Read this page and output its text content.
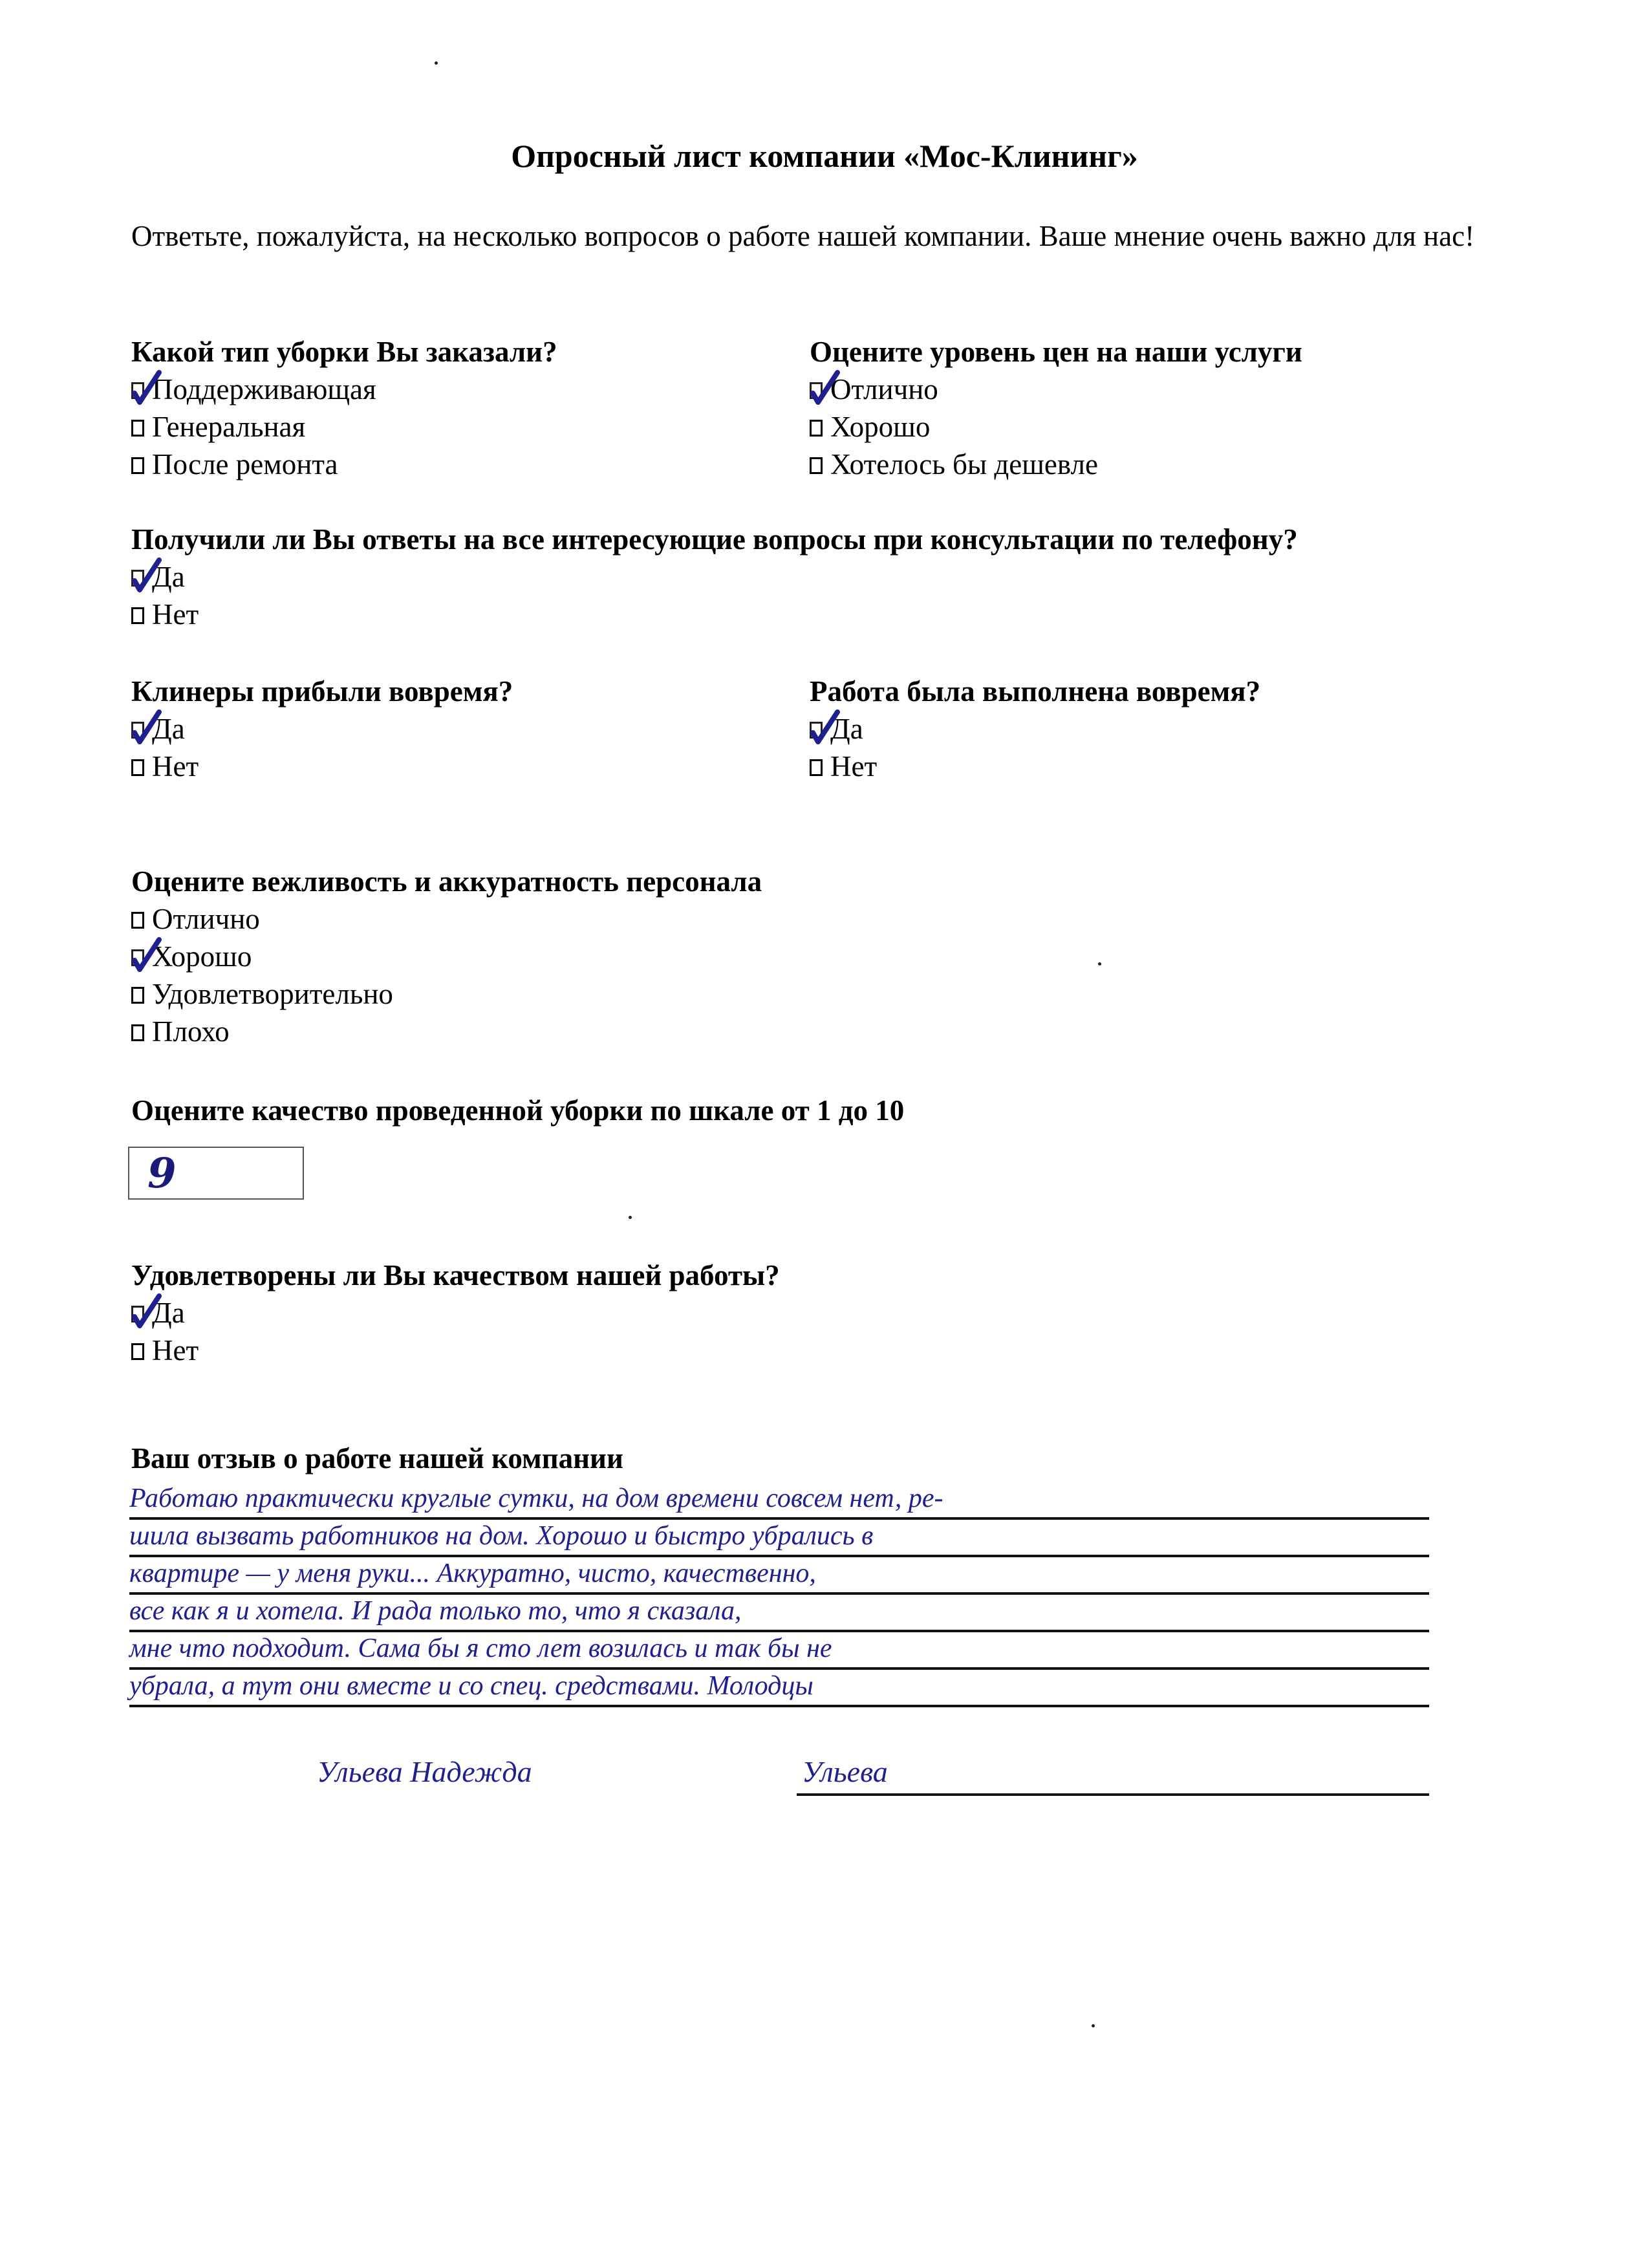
Опросный лист компании «Мос-Клининг»
Ответьте, пожалуйста, на несколько вопросов о работе нашей компании. Ваше мнение очень важно для нас!
Какой тип уборки Вы заказали?
Поддерживающая
Генеральная
После ремонта
Оцените уровень цен на наши услуги
Отлично
Хорошо
Хотелось бы дешевле
Получили ли Вы ответы на все интересующие вопросы при консультации по телефону?
Да
Нет
Клинеры прибыли вовремя?
Да
Нет
Работа была выполнена вовремя?
Да
Нет
Оцените вежливость и аккуратность персонала
Отлично
Хорошо
Удовлетворительно
Плохо
Оцените качество проведенной уборки по шкале от 1 до 10
9
Удовлетворены ли Вы качеством нашей работы?
Да
Нет
Ваш отзыв о работе нашей компании
Работаю практически круглые сутки, на дом времени совсем нет, ре-
шила вызвать работников на дом. Хорошо и быстро убрались в
квартире — у меня руки... Аккуратно, чисто, качественно,
все как я и хотела. И рада только то, что я сказала,
мне что подходит. Сама бы я сто лет возилась и так бы не
убрала, а тут они вместе и со спец. средствами. Молодцы
Ульева Надежда	Ульева
